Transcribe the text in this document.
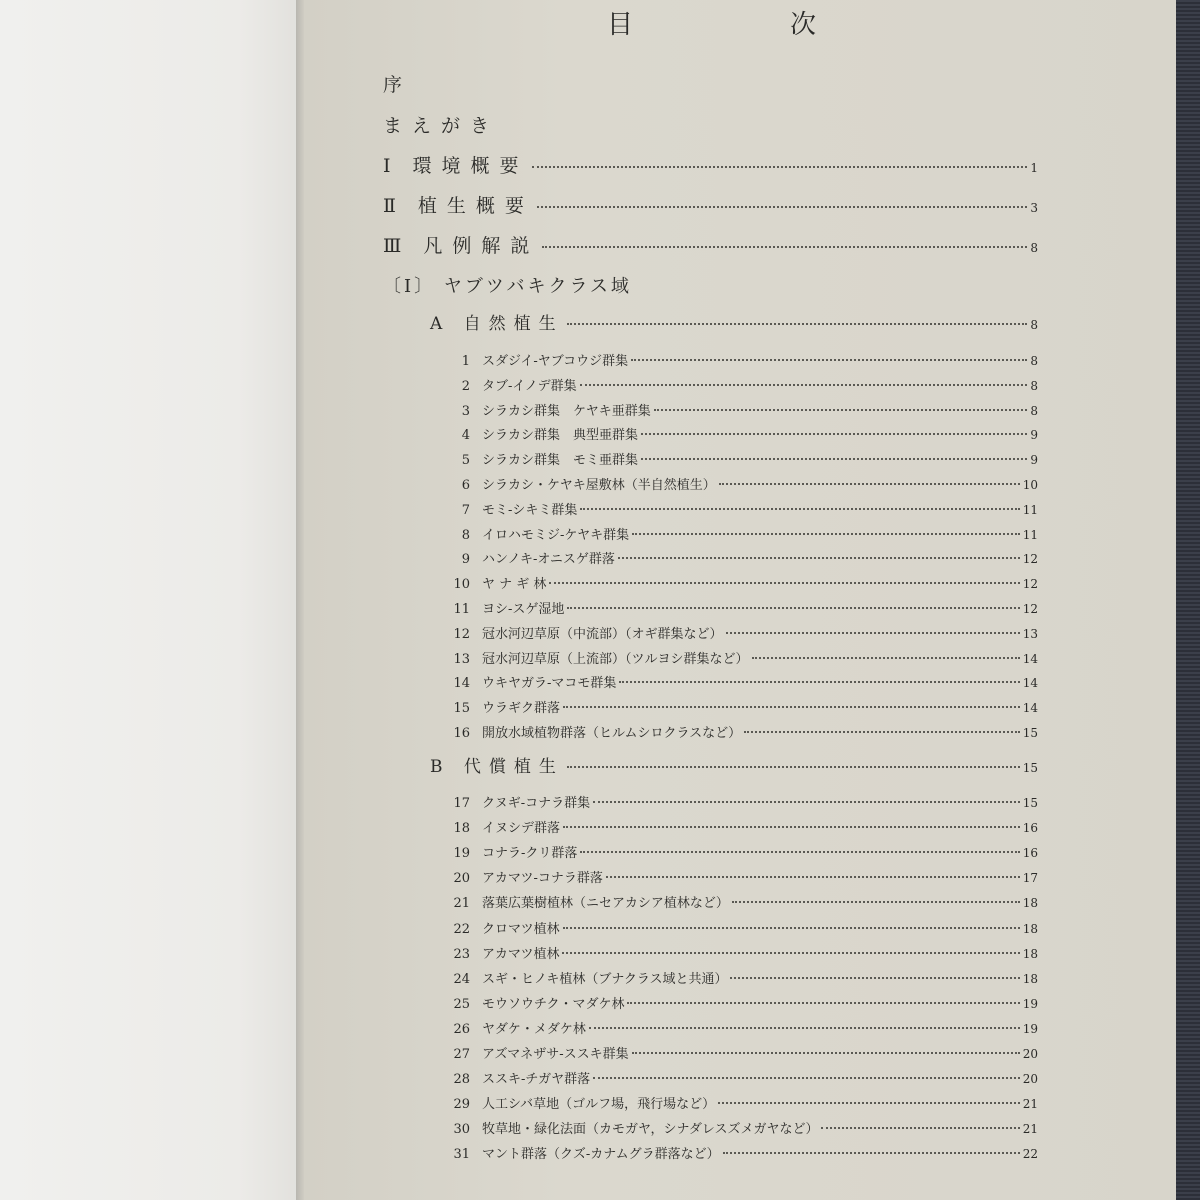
目	次
序
まえがき
〔Ⅰ〕 ヤブツバキクラス域
Ⅰ 環境概要	1
Ⅱ 植生概要	3
Ⅲ 凡例解説	8
A 自然植生	8
1 スダジイ-ヤブコウジ群集	8
2 タブ-イノデ群集	8
3 シラカシ群集　ケヤキ亜群集	8
4 シラカシ群集　典型亜群集	9
5 シラカシ群集　モミ亜群集	9
6 シラカシ・ケヤキ屋敷林（半自然植生）	10
7 モミ-シキミ群集	11
8 イロハモミジ-ケヤキ群集	11
9 ハンノキ-オニスゲ群落	12
10 ヤ ナ ギ 林	12
11 ヨシ-スゲ湿地	12
12 冠水河辺草原（中流部）（オギ群集など）	13
13 冠水河辺草原（上流部）（ツルヨシ群集など）	14
14 ウキヤガラ-マコモ群集	14
15 ウラギク群落	14
16 開放水域植物群落（ヒルムシロクラスなど）	15
B 代償植生	15
17 クヌギ-コナラ群集	15
18 イヌシデ群落	16
19 コナラ-クリ群落	16
20 アカマツ-コナラ群落	17
21 落葉広葉樹植林（ニセアカシア植林など）	18
22 クロマツ植林	18
23 アカマツ植林	18
24 スギ・ヒノキ植林（ブナクラス域と共通）	18
25 モウソウチク・マダケ林	19
26 ヤダケ・メダケ林	19
27 アズマネザサ-ススキ群集	20
28 ススキ-チガヤ群落	20
29 人工シバ草地（ゴルフ場，飛行場など）	21
30 牧草地・緑化法面（カモガヤ，シナダレスズメガヤなど）	21
31 マント群落（クズ-カナムグラ群落など）	22
